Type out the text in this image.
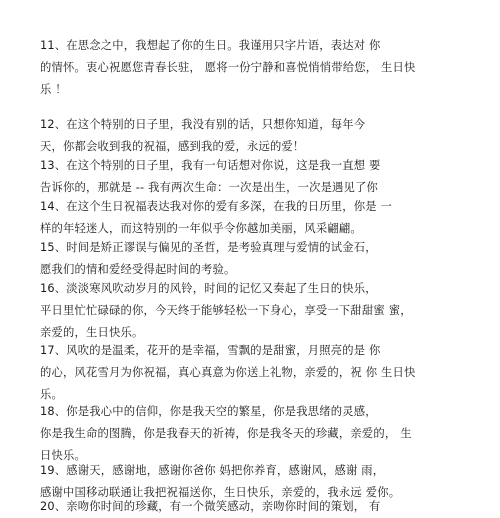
11、在思念之中，我想起了你的生日。我谨用只字片语，表达对 你
的情怀。衷心祝愿您青春长驻， 愿将一份宁静和喜悦悄悄带给您， 生日快
乐 ！

12、在这个特别的日子里，我没有别的话，只想你知道，每年今
天，你都会收到我的祝福，感到我的爱，永远的爱！

13、在这个特别的日子里，我有一句话想对你说，这是我一直想 要
告诉你的，那就是 -- 我有两次生命：一次是出生，一次是遇见了你

14、在这个生日祝福表达我对你的爱有多深，在我的日历里，你是 一
样的年轻迷人，而这特别的一年似乎令你越加美丽，风采翩翩。

15、时间是矫正谬误与偏见的圣哲，是考验真理与爱情的试金石，
愿我们的情和爱经受得起时间的考验。

16、淡淡寒风吹动岁月的风铃，时间的记忆又奏起了生日的快乐，
平日里忙忙碌碌的你，今天终于能够轻松一下身心，享受一下甜甜蜜 蜜，
亲爱的，生日快乐。

17、风吹的是温柔，花开的是幸福，雪飘的是甜蜜，月照亮的是 你
的心，风花雪月为你祝福，真心真意为你送上礼物，亲爱的，祝 你 生日快
乐。

18、你是我心中的信仰，你是我天空的繁星，你是我思绪的灵感，
你是我生命的图腾，你是我春天的祈祷，你是我冬天的珍藏，亲爱的， 生
日快乐。

19、感谢天，感谢地，感谢你爸你 妈把你养育，感谢风，感谢 雨，
感谢中国移动联通让我把祝福送你，生日快乐，亲爱的，我永远 爱你。

20、亲吻你时间的珍藏，有一个微笑感动，亲吻你时间的策划， 有
